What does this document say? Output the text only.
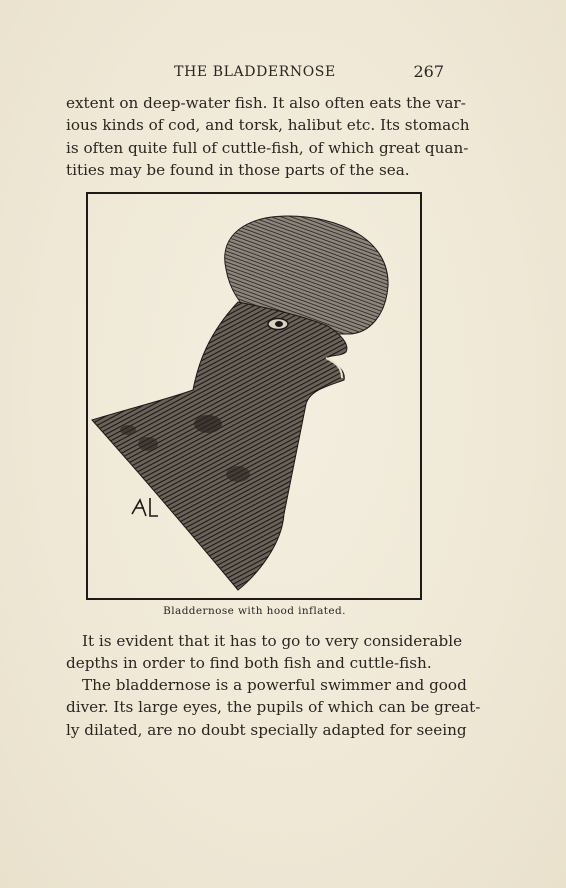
THE BLADDERNOSE	267
extent on deep-water fish. It also often eats the var-
ious kinds of cod, and torsk, halibut etc. Its stomach
is often quite full of cuttle-fish, of which great quan-
tities may be found in those parts of the sea.
Bladdernose with hood inflated.
It is evident that it has to go to very considerable
depths in order to find both fish and cuttle-fish.
The bladdernose is a powerful swimmer and good
diver. Its large eyes, the pupils of which can be great-
ly dilated, are no doubt specially adapted for seeing
